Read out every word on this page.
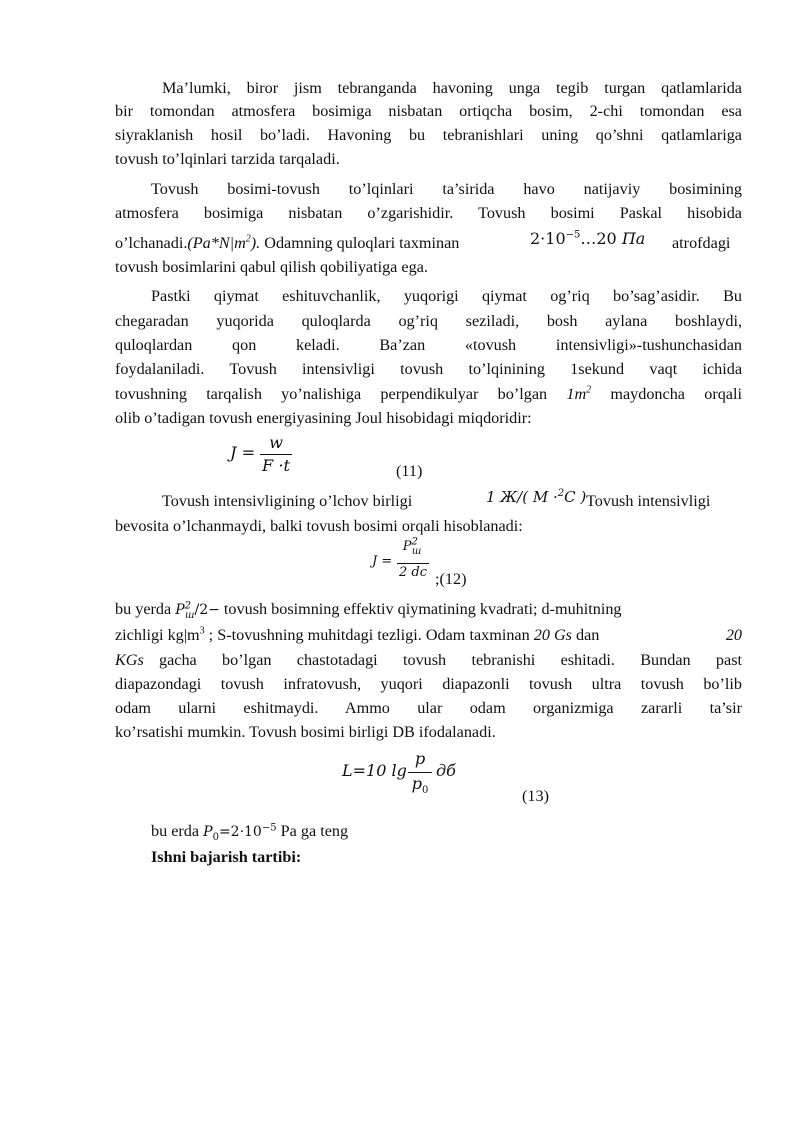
Ma’lumki, biror jism tebranganda havoning unga tegib turgan qatlamlarida
bir tomondan atmosfera bosimiga nisbatan ortiqcha bosim, 2-chi tomondan esa
siyraklanish hosil bo’ladi. Havoning bu tebranishlari uning qo’shni qatlamlariga
tovush to’lqinlari tarzida tarqaladi.
Tovush bosimi-tovush to’lqinlari ta’sirida havo natijaviy bosimining
atmosfera bosimiga nisbatan o’zgarishidir. Tovush bosimi Paskal hisobida
$o’lchanadi.(Pa*N|m^2)$. Odamning quloqlari taxminan	$2\cdot 10^{-5}\dots 20$ Па atrofdagi
tovush bosimlarini qabul qilish qobiliyatiga ega.
Pastki qiymat eshituvchanlik, yuqorigi qiymat og’riq bo’sag’asidir. Bu
chegaradan yuqorida quloqlarda og’riq seziladi, bosh aylana boshlaydi,
quloqlardan qon keladi. Ba’zan «tovush intensivligi»-tushunchasidan
foydalaniladi. Tovush intensivligi tovush to’lqinining 1sekund vaqt ichida
tovushning tarqalish yo’nalishiga perpendikulyar bo’lgan $1m^2$ maydoncha orqali
olib o’tadigan tovush energiyasining Joul hisobidagi miqdoridir:
J =
w
F ·t	(11)
Tovush intensivligining o’lchov birligi	1 Ж/( М ·$^2$С ) Tovush intensivligi
bevosita o’lchanmaydi, balki tovush bosimi orqali hisoblanadi:
J =
$P^2_ш$
2 dc ;(12)
bu yerda $P^2_ш/2-$ tovush bosimning effektiv qiymatining kvadrati; d-muhitning
zichligi $kg|m^3$ ; S-tovushning muhitdagi tezligi. Odam taxminan 20 Gs dan	20
KGs gacha bo’lgan chastotadagi tovush tebranishi eshitadi. Bundan past
diapazondagi tovush infratovush, yuqori diapazonli tovush ultra tovush bo’lib
odam ularni eshitmaydi. Ammo ular odam organizmiga zararli ta’sir
ko’rsatishi mumkin. Tovush bosimi birligi DB ifodalanadi.
L=10 lg
p
$p_0$
дб
(13)
bu erda $P_0=2\cdot 10^{-5}$ Pa ga teng
Ishni bajarish tartibi:
